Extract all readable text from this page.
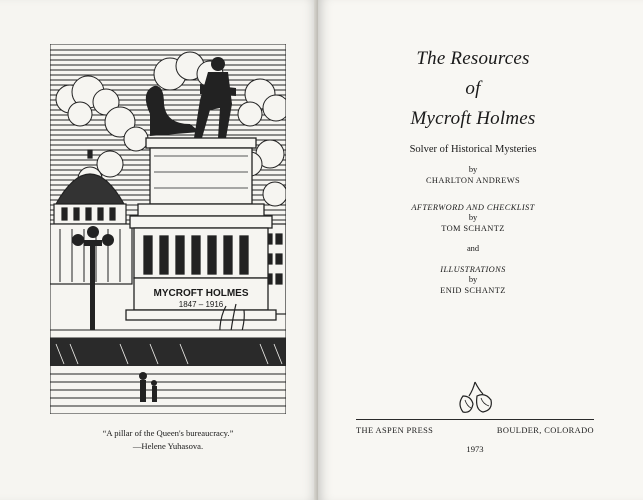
MYCROFT HOLMES
1847 – 1916
“A pillar of the Queen's bureaucracy.”
—Helene Yuhasova.
The Resources
of
Mycroft Holmes
Solver of Historical Mysteries
by
CHARLTON ANDREWS
AFTERWORD AND CHECKLIST
by
TOM SCHANTZ
and
ILLUSTRATIONS
by
ENID SCHANTZ
THE ASPEN PRESS	BOULDER, COLORADO
1973
